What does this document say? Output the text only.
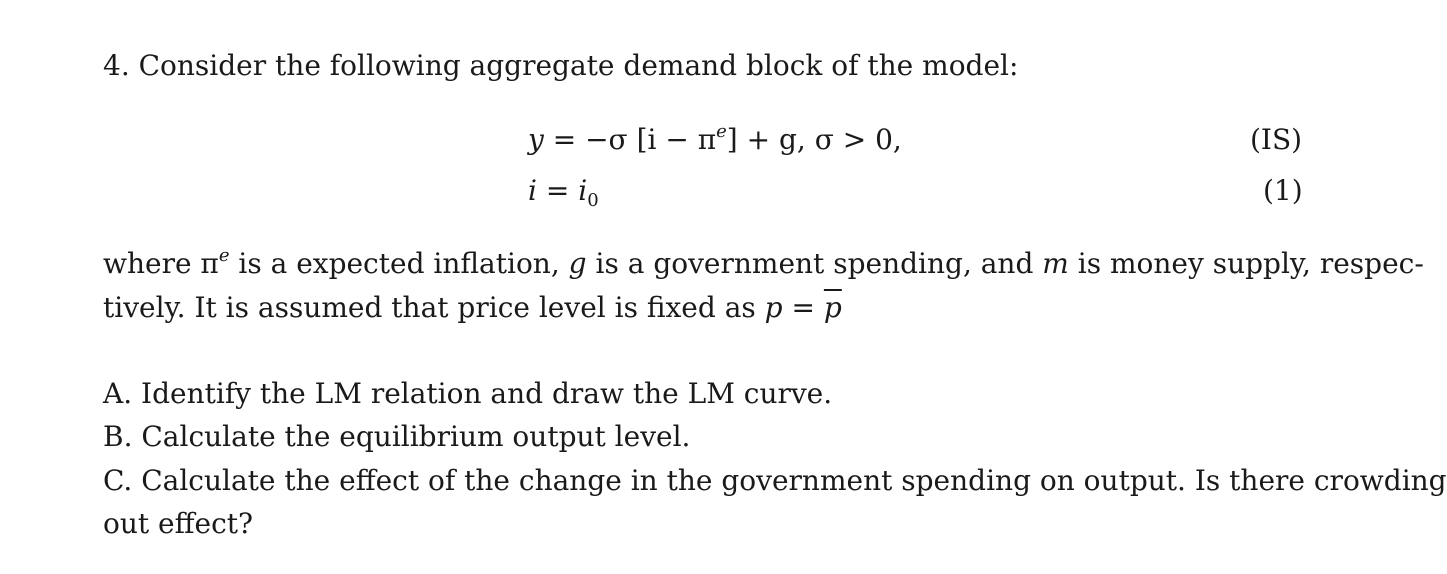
4. Consider the following aggregate demand block of the model:
y = −σ $[i - \pi^e] + g$, σ > 0,	(IS)
$i = i_0$	(1)
where $\pi^e$ is a expected inflation, g is a government spending, and m is money supply, respec-
tively. It is assumed that price level is fixed as $p = \overline{p}$
A. Identify the LM relation and draw the LM curve.
B. Calculate the equilibrium output level.
C. Calculate the effect of the change in the government spending on output. Is there crowding
out effect?
